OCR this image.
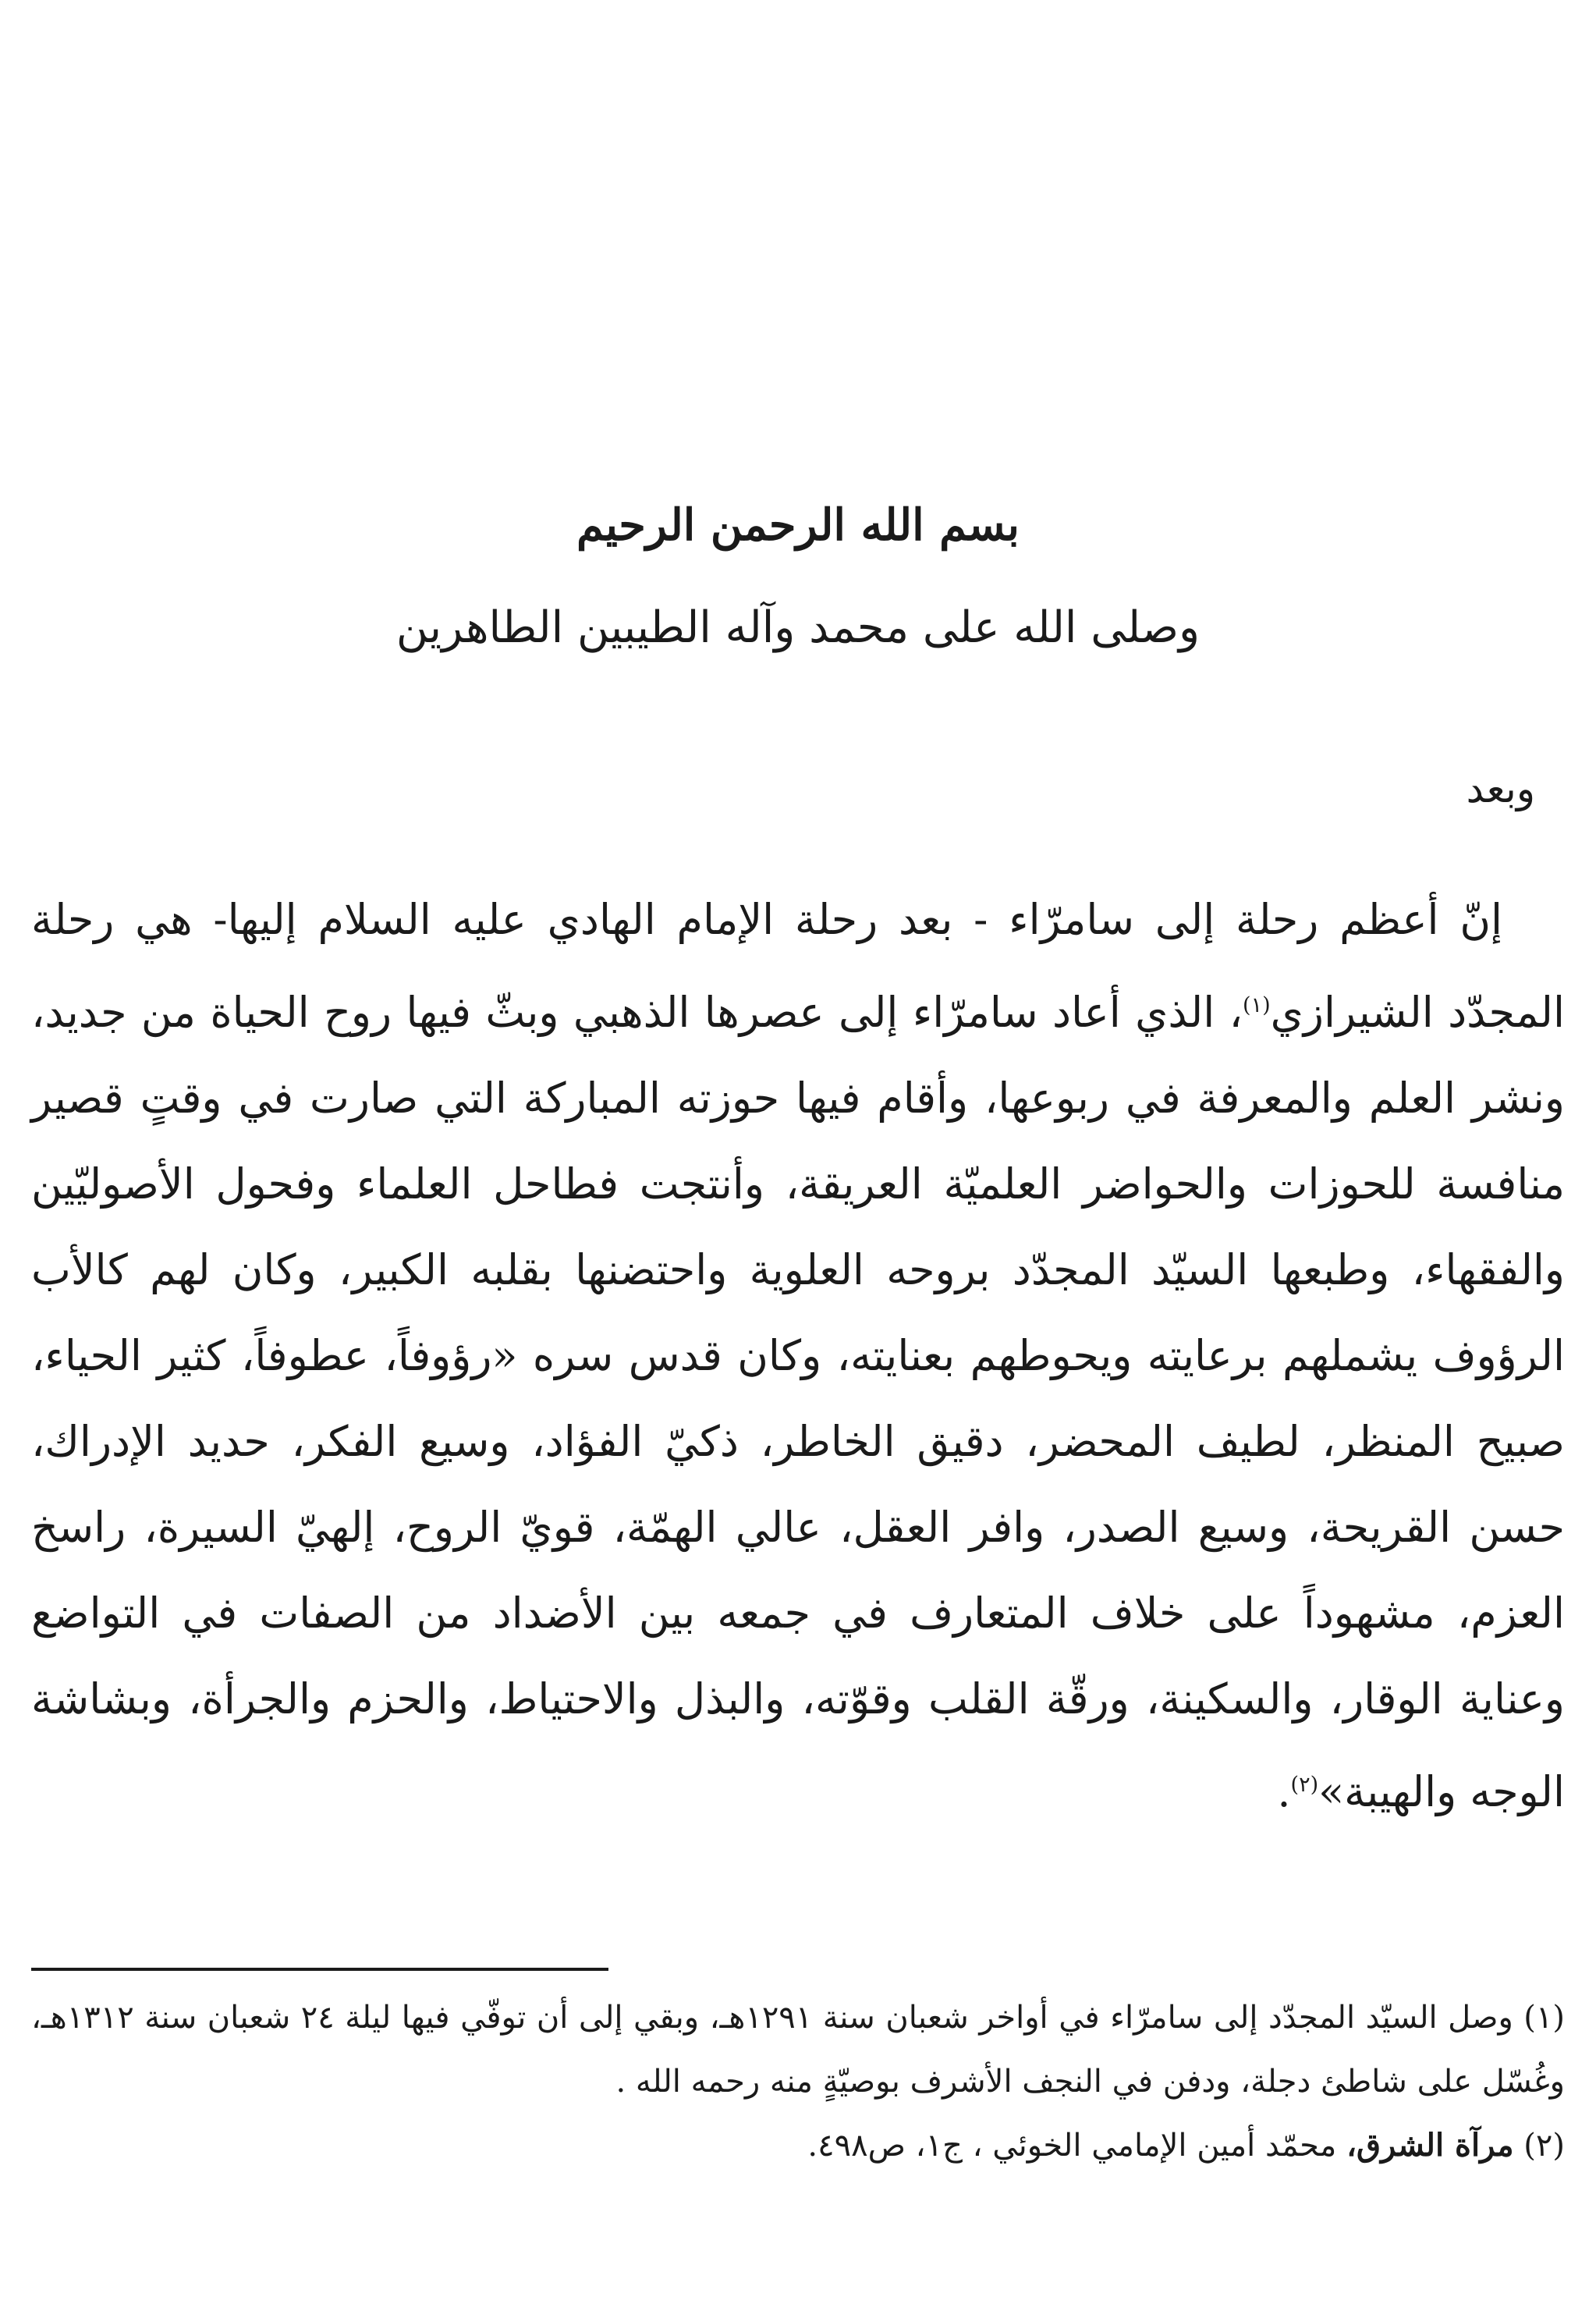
بسم الله الرحمن الرحيم
وصلى الله على محمد وآله الطيبين الطاهرين
وبعد

إنّ أعظم رحلة إلى سامرّاء - بعد رحلة الإمام الهادي عليه السلام إليها- هي رحلة المجدّد الشيرازي$^{(١)}$، الذي أعاد سامرّاء إلى عصرها الذهبي وبثّ فيها روح الحياة من جديد، ونشر العلم والمعرفة في ربوعها، وأقام فيها حوزته المباركة التي صارت في وقتٍ قصير منافسة للحوزات والحواضر العلميّة العريقة، وأنتجت فطاحل العلماء وفحول الأصوليّين والفقهاء، وطبعها السيّد المجدّد بروحه العلوية واحتضنها بقلبه الكبير، وكان لهم كالأب الرؤوف يشملهم برعايته ويحوطهم بعنايته، وكان قدس سره «رؤوفاً، عطوفاً، كثير الحياء، صبيح المنظر، لطيف المحضر، دقيق الخاطر، ذكيّ الفؤاد، وسيع الفكر، حديد الإدراك، حسن القريحة، وسيع الصدر، وافر العقل، عالي الهمّة، قويّ الروح، إلهيّ السيرة، راسخ العزم، مشهوداً على خلاف المتعارف في جمعه بين الأضداد من الصفات في التواضع وعناية الوقار، والسكينة، ورقّة القلب وقوّته، والبذل والاحتياط، والحزم والجرأة، وبشاشة الوجه والهيبة»$^{(٢)}$.

(١) وصل السيّد المجدّد إلى سامرّاء في أواخر شعبان سنة ١٢٩١هـ، وبقي إلى أن توفّي فيها ليلة ٢٤ شعبان سنة ١٣١٢هـ، وغُسّل على شاطئ دجلة، ودفن في النجف الأشرف بوصيّةٍ منه رحمه الله .

(٢) مرآة الشرق، محمّد أمين الإمامي الخوئي ، ج١، ص٤٩٨.
